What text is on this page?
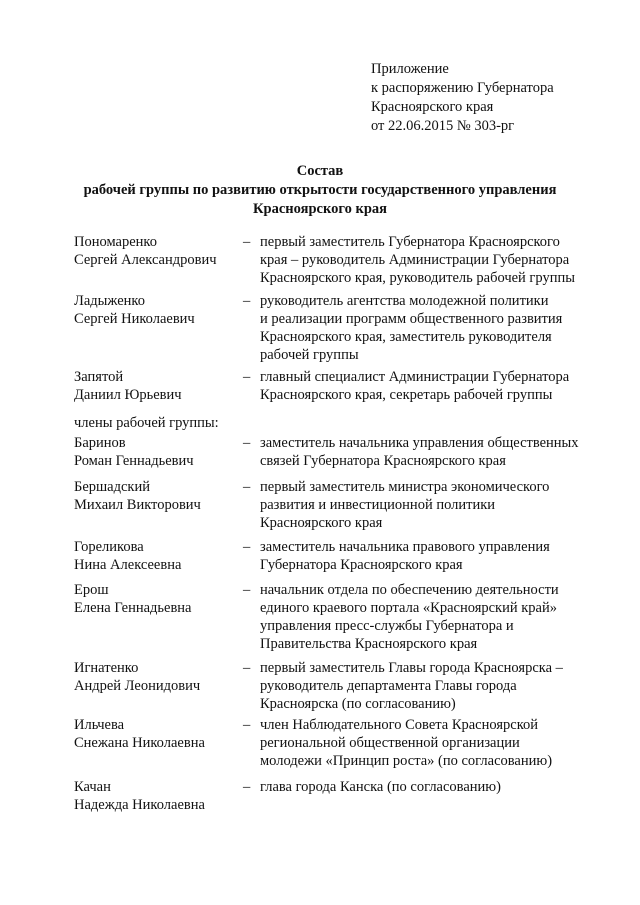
Приложение
к распоряжению Губернатора
Красноярского края
от 22.06.2015 № 303-рг
Состав
рабочей группы по развитию открытости государственного управления
Красноярского края
Пономаренко
Сергей Александрович
– первый заместитель Губернатора Красноярского
края – руководитель Администрации Губернатора
Красноярского края, руководитель рабочей группы
Ладыженко
Сергей Николаевич
– руководитель агентства молодежной политики
и реализации программ общественного развития
Красноярского края, заместитель руководителя
рабочей группы
Запятой
Даниил Юрьевич
– главный специалист Администрации Губернатора
Красноярского края, секретарь рабочей группы
члены рабочей группы:
Баринов
Роман Геннадьевич
– заместитель начальника управления общественных
связей Губернатора Красноярского края
Бершадский
Михаил Викторович
– первый заместитель министра экономического
развития и инвестиционной политики
Красноярского края
Гореликова
Нина Алексеевна
– заместитель начальника правового управления
Губернатора Красноярского края
Ерош
Елена Геннадьевна
– начальник отдела по обеспечению деятельности
единого краевого портала «Красноярский край»
управления пресс-службы Губернатора и
Правительства Красноярского края
Игнатенко
Андрей Леонидович
– первый заместитель Главы города Красноярска –
руководитель департамента Главы города
Красноярска (по согласованию)
Ильчева
Снежана Николаевна
– член Наблюдательного Совета Красноярской
региональной общественной организации
молодежи «Принцип роста» (по согласованию)
Качан
Надежда Николаевна
– глава города Канска (по согласованию)
